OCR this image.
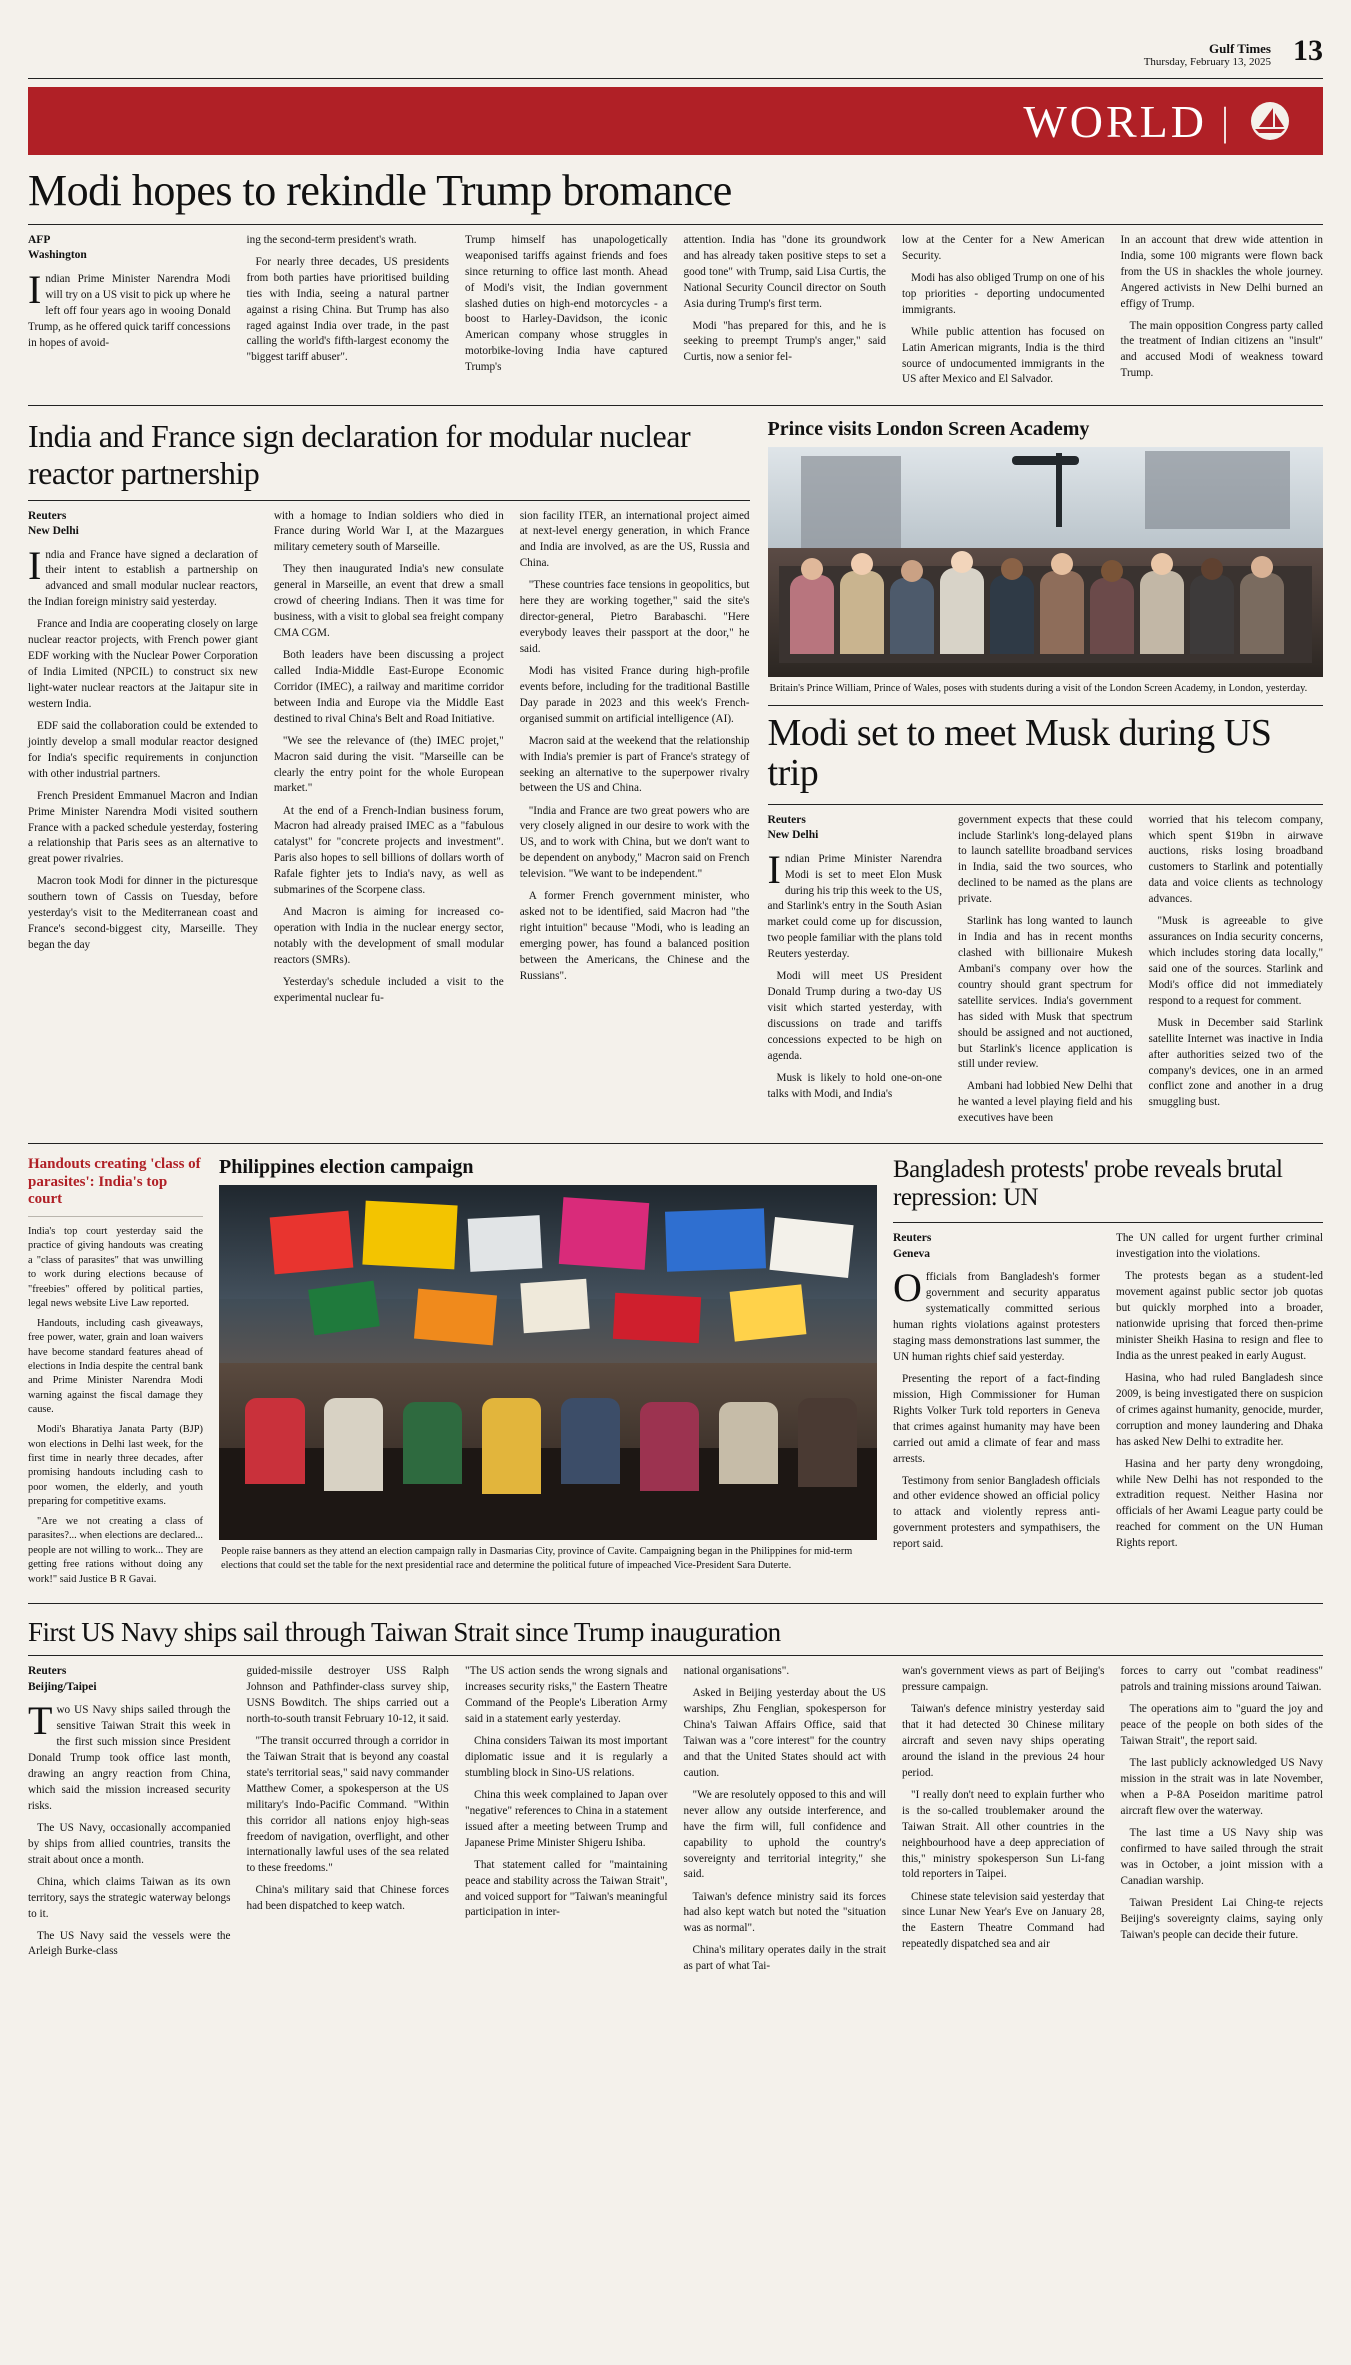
Gulf Times
Thursday, February 13, 2025 13
WORLD |
Modi hopes to rekindle Trump bromance
AFP
Washington

Indian Prime Minister Narendra Modi will try on a US visit to pick up where he left off four years ago in wooing Donald Trump, as he offered quick tariff concessions in hopes of avoid-

ing the second-term president's wrath.

For nearly three decades, US presidents from both parties have prioritised building ties with India, seeing a natural partner against a rising China. But Trump has also raged against India over trade, in the past calling the world's fifth-largest economy the "biggest tariff abuser".

Trump himself has unapologetically weaponised tariffs against friends and foes since returning to office last month. Ahead of Modi's visit, the Indian government slashed duties on high-end motorcycles - a boost to Harley-Davidson, the iconic American company whose struggles in motorbike-loving India have captured Trump's

attention. India has "done its groundwork and has already taken positive steps to set a good tone" with Trump, said Lisa Curtis, the National Security Council director on South Asia during Trump's first term.

Modi "has prepared for this, and he is seeking to preempt Trump's anger," said Curtis, now a senior fel-

low at the Center for a New American Security.

Modi has also obliged Trump on one of his top priorities - deporting undocumented immigrants.

While public attention has focused on Latin American migrants, India is the third source of undocumented immigrants in the US after Mexico and El Salvador.

In an account that drew wide attention in India, some 100 migrants were flown back from the US in shackles the whole journey. Angered activists in New Delhi burned an effigy of Trump.

The main opposition Congress party called the treatment of Indian citizens an "insult" and accused Modi of weakness toward Trump.

India and France sign declaration for modular nuclear reactor partnership
Reuters
New Delhi

India and France have signed a declaration of their intent to establish a partnership on advanced and small modular nuclear reactors, the Indian foreign ministry said yesterday.

France and India are cooperating closely on large nuclear reactor projects, with French power giant EDF working with the Nuclear Power Corporation of India Limited (NPCIL) to construct six new light-water nuclear reactors at the Jaitapur site in western India.

EDF said the collaboration could be extended to jointly develop a small modular reactor designed for India's specific requirements in conjunction with other industrial partners.

French President Emmanuel Macron and Indian Prime Minister Narendra Modi visited southern France with a packed schedule yesterday, fostering a relationship that Paris sees as an alternative to great power rivalries.

Macron took Modi for dinner in the picturesque southern town of Cassis on Tuesday, before yesterday's visit to the Mediterranean coast and France's second-biggest city, Marseille. They began the day

with a homage to Indian soldiers who died in France during World War I, at the Mazargues military cemetery south of Marseille.

They then inaugurated India's new consulate general in Marseille, an event that drew a small crowd of cheering Indians. Then it was time for business, with a visit to global sea freight company CMA CGM.

Both leaders have been discussing a project called India-Middle East-Europe Economic Corridor (IMEC), a railway and maritime corridor between India and Europe via the Middle East destined to rival China's Belt and Road Initiative.

"We see the relevance of (the) IMEC projet," Macron said during the visit. "Marseille can be clearly the entry point for the whole European market."

At the end of a French-Indian business forum, Macron had already praised IMEC as a "fabulous catalyst" for "concrete projects and investment". Paris also hopes to sell billions of dollars worth of Rafale fighter jets to India's navy, as well as submarines of the Scorpene class.

And Macron is aiming for increased co-operation with India in the nuclear energy sector, notably with the development of small modular reactors (SMRs).

Yesterday's schedule included a visit to the experimental nuclear fu-

sion facility ITER, an international project aimed at next-level energy generation, in which France and India are involved, as are the US, Russia and China.

"These countries face tensions in geopolitics, but here they are working together," said the site's director-general, Pietro Barabaschi. "Here everybody leaves their passport at the door," he said.

Modi has visited France during high-profile events before, including for the traditional Bastille Day parade in 2023 and this week's French-organised summit on artificial intelligence (AI).

Macron said at the weekend that the relationship with India's premier is part of France's strategy of seeking an alternative to the superpower rivalry between the US and China.

"India and France are two great powers who are very closely aligned in our desire to work with the US, and to work with China, but we don't want to be dependent on anybody," Macron said on French television. "We want to be independent."

A former French government minister, who asked not to be identified, said Macron had "the right intuition" because "Modi, who is leading an emerging power, has found a balanced position between the Americans, the Chinese and the Russians".

Prince visits London Screen Academy
Britain's Prince William, Prince of Wales, poses with students during a visit of the London Screen Academy, in London, yesterday.
Modi set to meet Musk during US trip
Reuters
New Delhi

Indian Prime Minister Narendra Modi is set to meet Elon Musk during his trip this week to the US, and Starlink's entry in the South Asian market could come up for discussion, two people familiar with the plans told Reuters yesterday.

Modi will meet US President Donald Trump during a two-day US visit which started yesterday, with discussions on trade and tariffs concessions expected to be high on agenda.

Musk is likely to hold one-on-one talks with Modi, and India's

government expects that these could include Starlink's long-delayed plans to launch satellite broadband services in India, said the two sources, who declined to be named as the plans are private.

Starlink has long wanted to launch in India and has in recent months clashed with billionaire Mukesh Ambani's company over how the country should grant spectrum for satellite services. India's government has sided with Musk that spectrum should be assigned and not auctioned, but Starlink's licence application is still under review.

Ambani had lobbied New Delhi that he wanted a level playing field and his executives have been

worried that his telecom company, which spent $19bn in airwave auctions, risks losing broadband customers to Starlink and potentially data and voice clients as technology advances.

"Musk is agreeable to give assurances on India security concerns, which includes storing data locally," said one of the sources. Starlink and Modi's office did not immediately respond to a request for comment.

Musk in December said Starlink satellite Internet was inactive in India after authorities seized two of the company's devices, one in an armed conflict zone and another in a drug smuggling bust.

Handouts creating 'class of parasites': India's top court

India's top court yesterday said the practice of giving handouts was creating a "class of parasites" that was unwilling to work during elections because of "freebies" offered by political parties, legal news website Live Law reported.

Handouts, including cash giveaways, free power, water, grain and loan waivers have become standard features ahead of elections in India despite the central bank and Prime Minister Narendra Modi warning against the fiscal damage they cause.

Modi's Bharatiya Janata Party (BJP) won elections in Delhi last week, for the first time in nearly three decades, after promising handouts including cash to poor women, the elderly, and youth preparing for competitive exams.

"Are we not creating a class of parasites?... when elections are declared... people are not willing to work... They are getting free rations without doing any work!" said Justice B R Gavai.

Philippines election campaign
People raise banners as they attend an election campaign rally in Dasmarias City, province of Cavite. Campaigning began in the Philippines for mid-term elections that could set the table for the next presidential race and determine the political future of impeached Vice-President Sara Duterte.
Bangladesh protests' probe reveals brutal repression: UN
Reuters
Geneva

Officials from Bangladesh's former government and security apparatus systematically committed serious human rights violations against protesters staging mass demonstrations last summer, the UN human rights chief said yesterday.

Presenting the report of a fact-finding mission, High Commissioner for Human Rights Volker Turk told reporters in Geneva that crimes against humanity may have been carried out amid a climate of fear and mass arrests.

Testimony from senior Bangladesh officials and other evidence showed an official policy to attack and violently repress anti-government protesters and sympathisers, the report said.

The UN called for urgent further criminal investigation into the violations.

The protests began as a student-led movement against public sector job quotas but quickly morphed into a broader, nationwide uprising that forced then-prime minister Sheikh Hasina to resign and flee to India as the unrest peaked in early August.

Hasina, who had ruled Bangladesh since 2009, is being investigated there on suspicion of crimes against humanity, genocide, murder, corruption and money laundering and Dhaka has asked New Delhi to extradite her.

Hasina and her party deny wrongdoing, while New Delhi has not responded to the extradition request. Neither Hasina nor officials of her Awami League party could be reached for comment on the UN Human Rights report.

First US Navy ships sail through Taiwan Strait since Trump inauguration
Reuters
Beijing/Taipei

Two US Navy ships sailed through the sensitive Taiwan Strait this week in the first such mission since President Donald Trump took office last month, drawing an angry reaction from China, which said the mission increased security risks.

The US Navy, occasionally accompanied by ships from allied countries, transits the strait about once a month.

China, which claims Taiwan as its own territory, says the strategic waterway belongs to it.

The US Navy said the vessels were the Arleigh Burke-class

guided-missile destroyer USS Ralph Johnson and Pathfinder-class survey ship, USNS Bowditch. The ships carried out a north-to-south transit February 10-12, it said.

"The transit occurred through a corridor in the Taiwan Strait that is beyond any coastal state's territorial seas," said navy commander Matthew Comer, a spokesperson at the US military's Indo-Pacific Command. "Within this corridor all nations enjoy high-seas freedom of navigation, overflight, and other internationally lawful uses of the sea related to these freedoms."

China's military said that Chinese forces had been dispatched to keep watch.

"The US action sends the wrong signals and increases security risks," the Eastern Theatre Command of the People's Liberation Army said in a statement early yesterday.

China considers Taiwan its most important diplomatic issue and it is regularly a stumbling block in Sino-US relations.

China this week complained to Japan over "negative" references to China in a statement issued after a meeting between Trump and Japanese Prime Minister Shigeru Ishiba.

That statement called for "maintaining peace and stability across the Taiwan Strait", and voiced support for "Taiwan's meaningful participation in inter-

national organisations".

Asked in Beijing yesterday about the US warships, Zhu Fenglian, spokesperson for China's Taiwan Affairs Office, said that Taiwan was a "core interest" for the country and that the United States should act with caution.

"We are resolutely opposed to this and will never allow any outside interference, and have the firm will, full confidence and capability to uphold the country's sovereignty and territorial integrity," she said.

Taiwan's defence ministry said its forces had also kept watch but noted the "situation was as normal".

China's military operates daily in the strait as part of what Tai-

wan's government views as part of Beijing's pressure campaign.

Taiwan's defence ministry yesterday said that it had detected 30 Chinese military aircraft and seven navy ships operating around the island in the previous 24 hour period.

"I really don't need to explain further who is the so-called troublemaker around the Taiwan Strait. All other countries in the neighbourhood have a deep appreciation of this," ministry spokesperson Sun Li-fang told reporters in Taipei.

Chinese state television said yesterday that since Lunar New Year's Eve on January 28, the Eastern Theatre Command had repeatedly dispatched sea and air

forces to carry out "combat readiness" patrols and training missions around Taiwan.

The operations aim to "guard the joy and peace of the people on both sides of the Taiwan Strait", the report said.

The last publicly acknowledged US Navy mission in the strait was in late November, when a P-8A Poseidon maritime patrol aircraft flew over the waterway.

The last time a US Navy ship was confirmed to have sailed through the strait was in October, a joint mission with a Canadian warship.

Taiwan President Lai Ching-te rejects Beijing's sovereignty claims, saying only Taiwan's people can decide their future.
